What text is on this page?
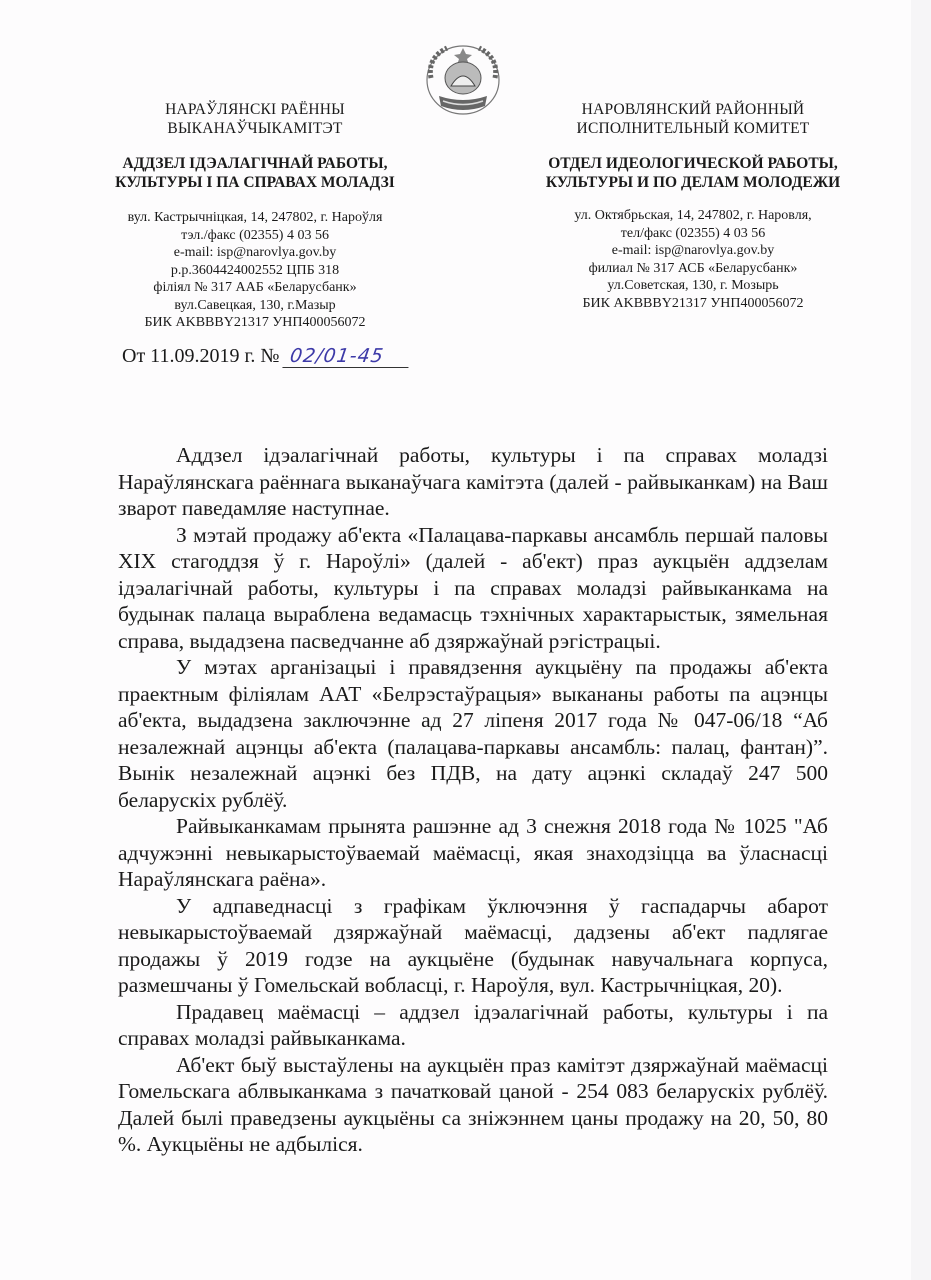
НАРАЎЛЯНСКІ РАЁННЫ
ВЫКАНАЎЧЫКАМІТЭТ
АДДЗЕЛ ІДЭАЛАГІЧНАЙ РАБОТЫ,
КУЛЬТУРЫ І ПА СПРАВАХ МОЛАДЗІ
вул. Кастрычніцкая, 14, 247802, г. Нароўля
тэл./факс (02355) 4 03 56
e-mail: isp@narovlya.gov.by
р.р.3604424002552 ЦПБ 318
філіял № 317 ААБ «Беларусбанк»
вул.Савецкая, 130, г.Мазыр
БИК AKBBBY21317 УНП400056072
НАРОВЛЯНСКИЙ РАЙОННЫЙ
ИСПОЛНИТЕЛЬНЫЙ КОМИТЕТ
ОТДЕЛ ИДЕОЛОГИЧЕСКОЙ РАБОТЫ,
КУЛЬТУРЫ И ПО ДЕЛАМ МОЛОДЕЖИ
ул. Октябрьская, 14, 247802, г. Наровля,
тел/факс (02355) 4 03 56
e-mail: isp@narovlya.gov.by
филиал № 317 АСБ «Беларусбанк»
ул.Советская, 130, г. Мозырь
БИК AKBBBY21317 УНП400056072
От 11.09.2019 г. № 02/01-45

Аддзел ідэалагічнай работы, культуры і па справах моладзі Нараўлянскага раённага выканаўчага камітэта (далей - райвыканкам) на Ваш зварот паведамляе наступнае.

З мэтай продажу аб'екта «Палацава-паркавы ансамбль першай паловы XIX стагоддзя ў г. Нароўлі» (далей - аб'ект) праз аукцыён аддзелам ідэалагічнай работы, культуры і па справах моладзі райвыканкама на будынак палаца выраблена ведамасць тэхнічных характарыстык, зямельная справа, выдадзена пасведчанне аб дзяржаўнай рэгістрацыі.

У мэтах арганізацыі і правядзення аукцыёну па продажы аб'екта праектным філіялам ААТ «Белрэстаўрацыя» выкананы работы па ацэнцы аб'екта, выдадзена заключэнне ад 27 ліпеня 2017 года № 047-06/18 “Аб незалежнай ацэнцы аб'екта (палацава-паркавы ансамбль: палац, фантан)”. Вынік незалежнай ацэнкі без ПДВ, на дату ацэнкі складаў 247 500 беларускіх рублёў.

Райвыканкамам прынята рашэнне ад 3 снежня 2018 года № 1025 "Аб адчужэнні невыкарыстоўваемай маёмасці, якая знаходзіцца ва ўласнасці Нараўлянскага раёна».

У адпаведнасці з графікам ўключэння ў гаспадарчы абарот невыкарыстоўваемай дзяржаўнай маёмасці, дадзены аб'ект падлягае продажы ў 2019 годзе на аукцыёне (будынак навучальнага корпуса, размешчаны ў Гомельскай вобласці, г. Нароўля, вул. Кастрычніцкая, 20).

Прадавец маёмасці – аддзел ідэалагічнай работы, культуры і па справах моладзі райвыканкама.

Аб'ект быў выстаўлены на аукцыён праз камітэт дзяржаўнай маёмасці Гомельскага аблвыканкама з пачатковай цаной - 254 083 беларускіх рублёў. Далей былі праведзены аукцыёны са зніжэннем цаны продажу на 20, 50, 80 %. Аукцыёны не адбыліся.
